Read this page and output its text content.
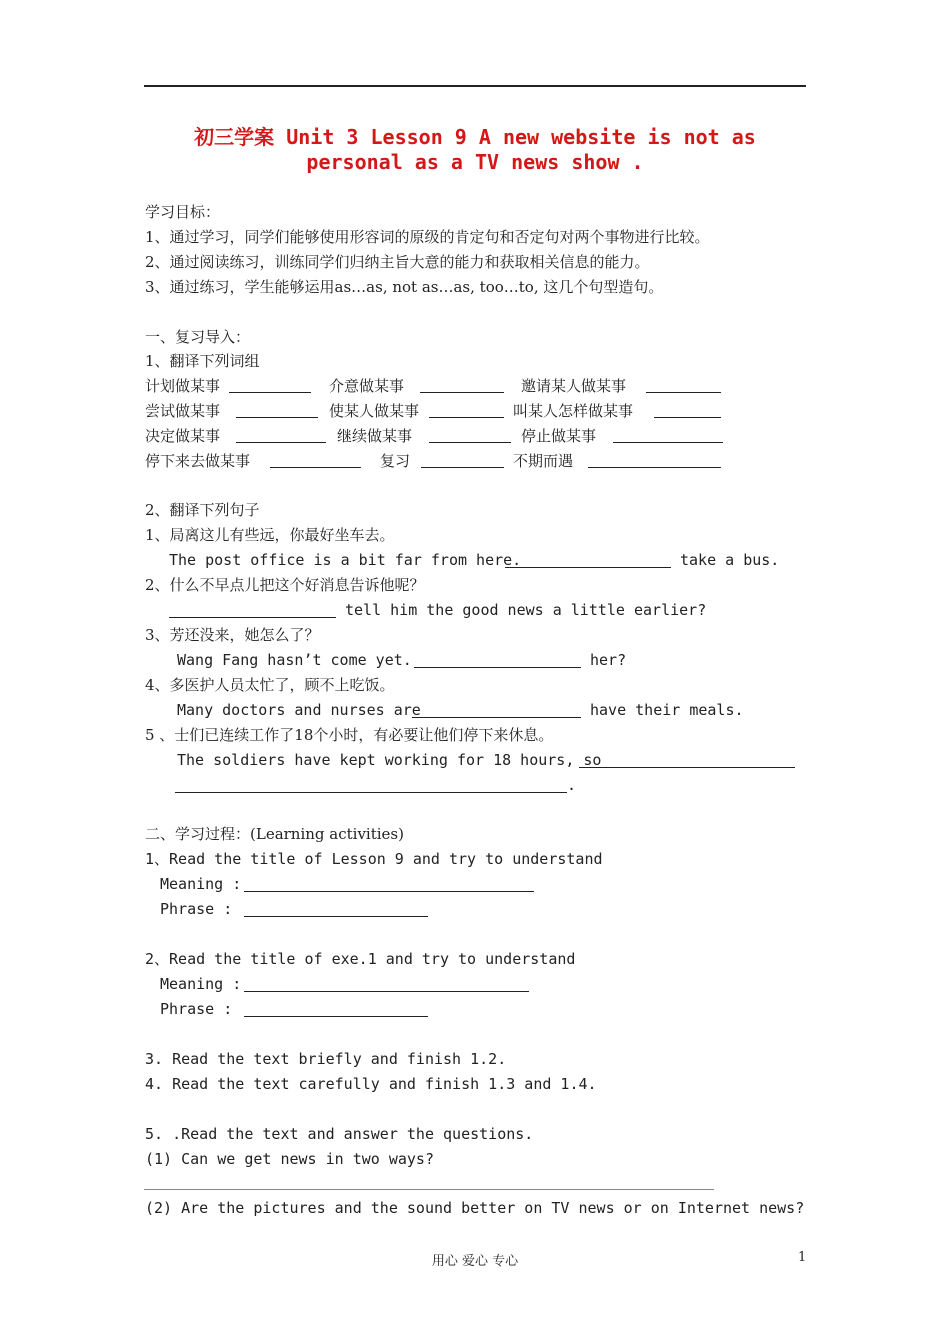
初三学案 Unit 3 Lesson 9 A new website is not as
personal as a TV news show .
学习目标：
1、通过学习，同学们能够使用形容词的原级的肯定句和否定句对两个事物进行比较。
2、通过阅读练习，训练同学们归纳主旨大意的能力和获取相关信息的能力。
3、通过练习，学生能够运用as…as, not as…as, too…to, 这几个句型造句。
一、复习导入：
1、翻译下列词组
计划做某事	介意做某事	邀请某人做某事
尝试做某事	使某人做某事	叫某人怎样做某事
决定做某事	继续做某事	停止做某事
停下来去做某事	复习	不期而遇
2、翻译下列句子
1、局离这儿有些远，你最好坐车去。
The post office is a bit far from here.	take a bus.
2、什么不早点儿把这个好消息告诉他呢？
tell him the good news a little earlier?
3、芳还没来，她怎么了？
Wang Fang hasn’t come yet.	her?
4、多医护人员太忙了，顾不上吃饭。
Many doctors and nurses are	have their meals.
5 、士们已连续工作了18个小时，有必要让他们停下来休息。
The soldiers have kept working for 18 hours, so
.
二、学习过程：(Learning activities)
1、Read the title of Lesson 9 and try to understand
Meaning :
Phrase :
2、Read the title of exe.1 and try to understand
Meaning :
Phrase :
3. Read the text briefly and finish 1.2.
4. Read the text carefully and finish 1.3 and 1.4.
5. .Read the text and answer the questions.
(1) Can we get news in two ways?
(2) Are the pictures and the sound better on TV news or on Internet news?
用心 爱心 专心	1
